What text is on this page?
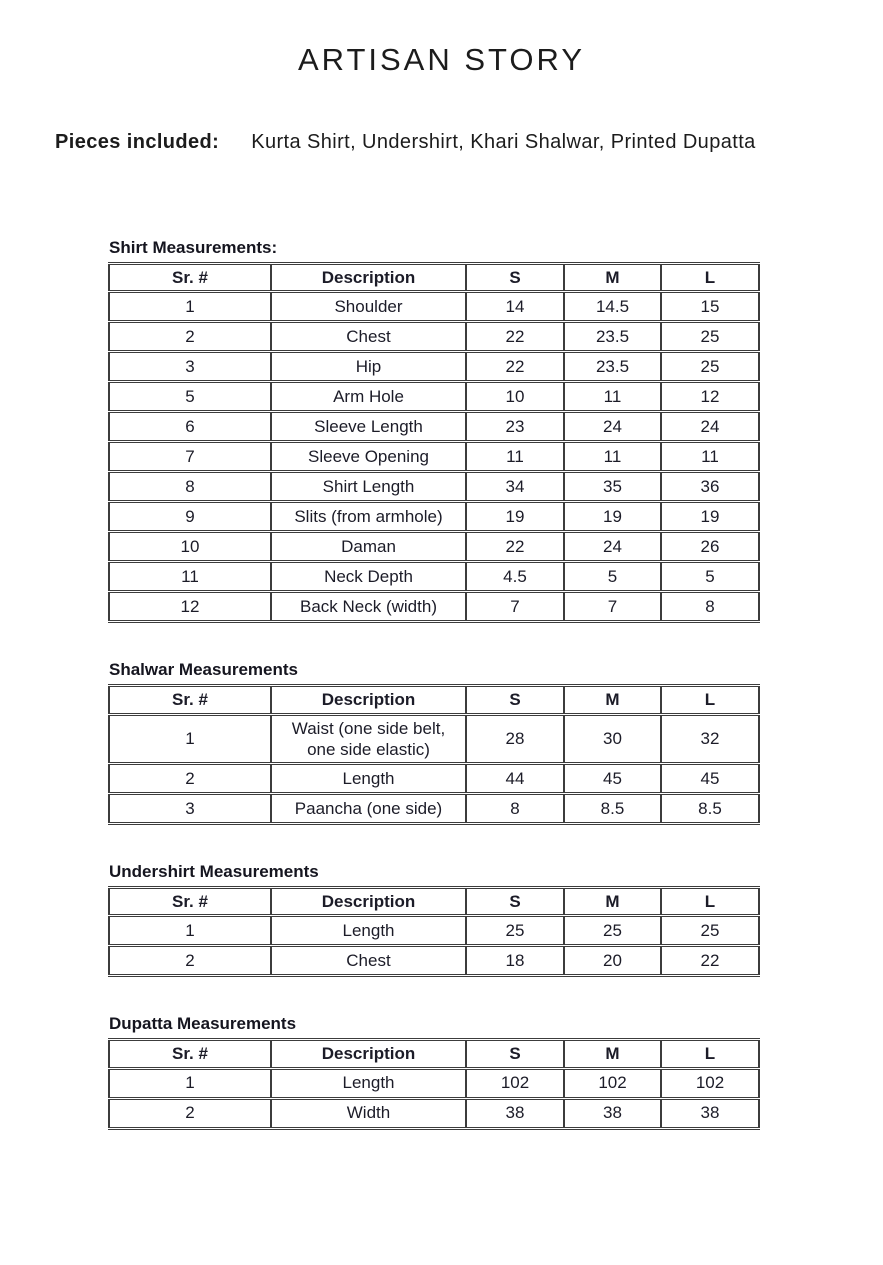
ARTISAN STORY
Pieces included: Kurta Shirt, Undershirt, Khari Shalwar, Printed Dupatta
Shirt Measurements:
Sr. #	Description	S	M	L
1	Shoulder	14	14.5	15
2	Chest	22	23.5	25
3	Hip	22	23.5	25
5	Arm Hole	10	11	12
6	Sleeve Length	23	24	24
7	Sleeve Opening	11	11	11
8	Shirt Length	34	35	36
9	Slits (from armhole)	19	19	19
10	Daman	22	24	26
11	Neck Depth	4.5	5	5
12	Back Neck (width)	7	7	8
Shalwar Measurements
Sr. #	Description	S	M	L
1	Waist (one side belt, one side elastic)	28	30	32
2	Length	44	45	45
3	Paancha (one side)	8	8.5	8.5
Undershirt Measurements
Sr. #	Description	S	M	L
1	Length	25	25	25
2	Chest	18	20	22
Dupatta Measurements
Sr. #	Description	S	M	L
1	Length	102	102	102
2	Width	38	38	38
